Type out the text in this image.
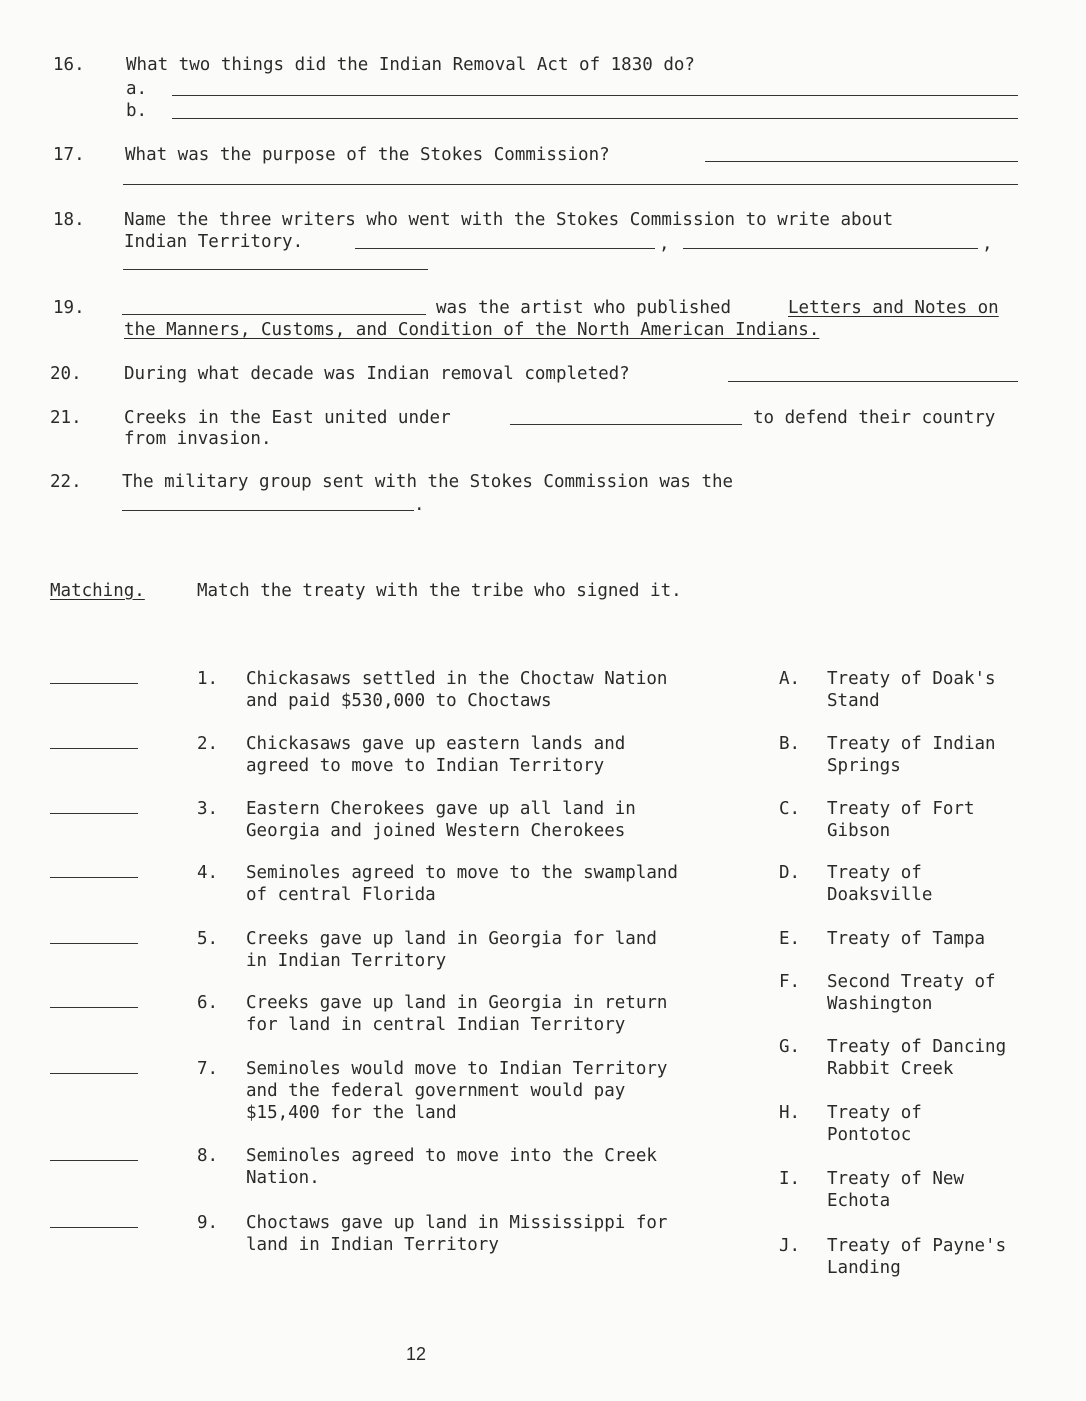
16.	What two things did the Indian Removal Act of 1830 do?
a.
b.
17.	What was the purpose of the Stokes Commission?
18.	Name the three writers who went with the Stokes Commission to write about
Indian Territory.	,	,
19.	was the artist who published	Letters and Notes on
the Manners, Customs, and Condition of the North American Indians.
20.	During what decade was Indian removal completed?
21.	Creeks in the East united under	to defend their country
from invasion.
22.	The military group sent with the Stokes Commission was the
.
Matching.	Match the treaty with the tribe who signed it.
1. Chickasaws settled in the Choctaw Nation
and paid $530,000 to Choctaws
2. Chickasaws gave up eastern lands and
agreed to move to Indian Territory
3. Eastern Cherokees gave up all land in
Georgia and joined Western Cherokees
4. Seminoles agreed to move to the swampland
of central Florida
5. Creeks gave up land in Georgia for land
in Indian Territory
6. Creeks gave up land in Georgia in return
for land in central Indian Territory
7. Seminoles would move to Indian Territory
and the federal government would pay
$15,400 for the land
8. Seminoles agreed to move into the Creek
Nation.
9. Choctaws gave up land in Mississippi for
land in Indian Territory
A. Treaty of Doak's
Stand
B. Treaty of Indian
Springs
C. Treaty of Fort
Gibson
D. Treaty of
Doaksville
E. Treaty of Tampa
F. Second Treaty of
Washington
G. Treaty of Dancing
Rabbit Creek
H. Treaty of
Pontotoc
I. Treaty of New
Echota
J. Treaty of Payne's
Landing
12
